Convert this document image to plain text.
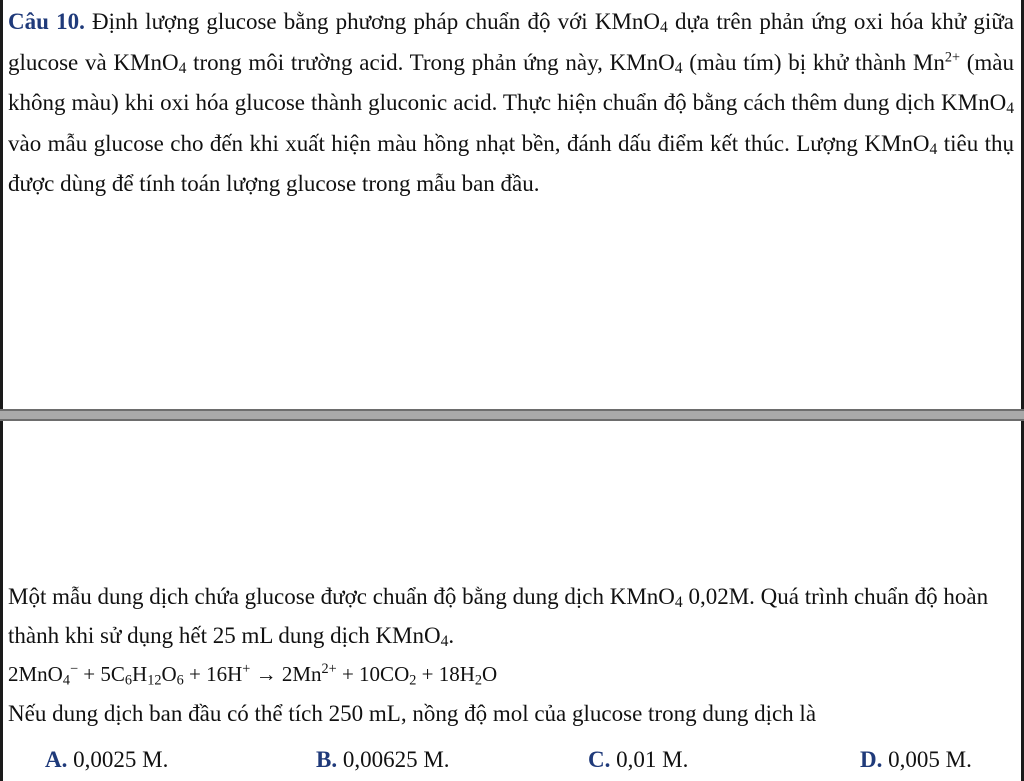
Câu 10. Định lượng glucose bằng phương pháp chuẩn độ với KMnO4 dựa trên phản ứng oxi hóa khử giữa glucose và KMnO4 trong môi trường acid. Trong phản ứng này, KMnO4 (màu tím) bị khử thành $Mn^{2+}$ (màu không màu) khi oxi hóa glucose thành gluconic acid. Thực hiện chuẩn độ bằng cách thêm dung dịch KMnO4 vào mẫu glucose cho đến khi xuất hiện màu hồng nhạt bền, đánh dấu điểm kết thúc. Lượng KMnO4 tiêu thụ được dùng để tính toán lượng glucose trong mẫu ban đầu.
Một mẫu dung dịch chứa glucose được chuẩn độ bằng dung dịch KMnO4 0,02M. Quá trình chuẩn độ hoàn thành khi sử dụng hết 25 mL dung dịch KMnO4.
$2MnO_4^- + 5C_6H_{12}O_6 + 16H^+ \to 2Mn^{2+} + 10CO_2 + 18H_2O$
Nếu dung dịch ban đầu có thể tích 250 mL, nồng độ mol của glucose trong dung dịch là
A. 0,0025 M.	B. 0,00625 M.	C. 0,01 M.	D. 0,005 M.
